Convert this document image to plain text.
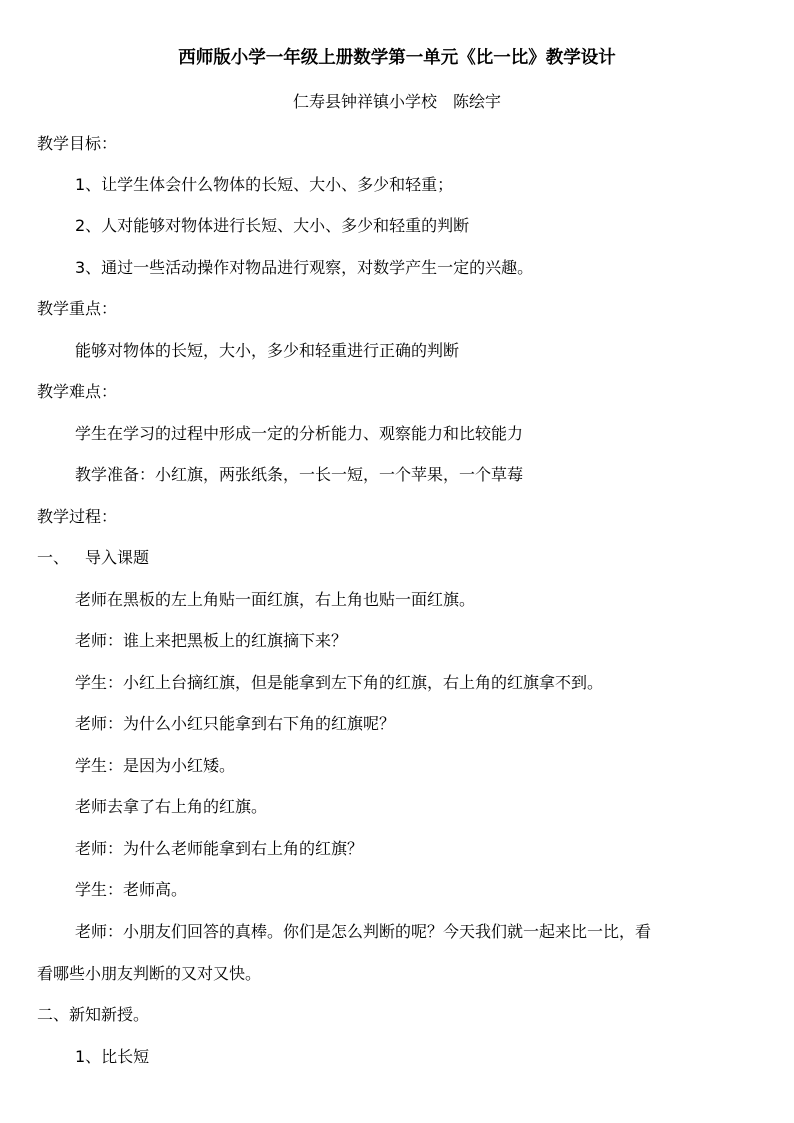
西师版小学一年级上册数学第一单元《比一比》教学设计
仁寿县钟祥镇小学校　陈绘宇
教学目标：
1、让学生体会什么物体的长短、大小、多少和轻重；
2、人对能够对物体进行长短、大小、多少和轻重的判断
3、通过一些活动操作对物品进行观察，对数学产生一定的兴趣。
教学重点：
能够对物体的长短，大小，多少和轻重进行正确的判断
教学难点：
学生在学习的过程中形成一定的分析能力、观察能力和比较能力
教学准备：小红旗，两张纸条，一长一短，一个苹果，一个草莓
教学过程：
一、 导入课题
老师在黑板的左上角贴一面红旗，右上角也贴一面红旗。
老师：谁上来把黑板上的红旗摘下来？
学生：小红上台摘红旗，但是能拿到左下角的红旗，右上角的红旗拿不到。
老师：为什么小红只能拿到右下角的红旗呢？
学生：是因为小红矮。
老师去拿了右上角的红旗。
老师：为什么老师能拿到右上角的红旗？
学生：老师高。
老师：小朋友们回答的真棒。你们是怎么判断的呢？今天我们就一起来比一比，看
看哪些小朋友判断的又对又快。
二、新知新授。
1、比长短
